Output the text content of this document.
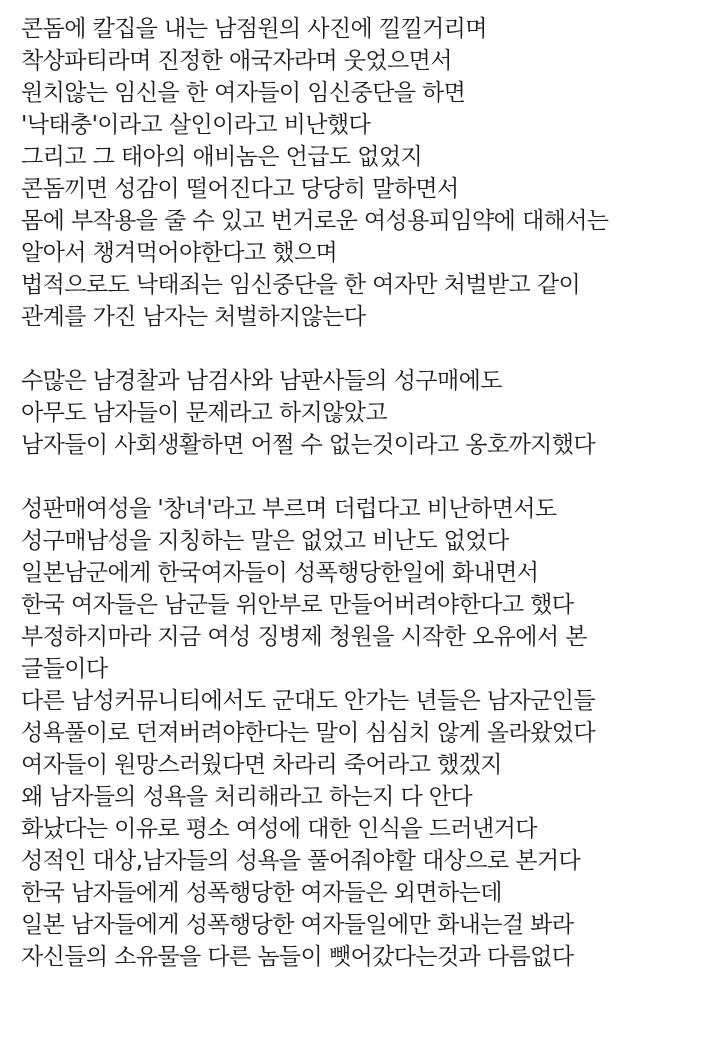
콘돔에 칼집을 내는 남점원의 사진에 낄낄거리며
착상파티라며 진정한 애국자라며 웃었으면서
원치않는 임신을 한 여자들이 임신중단을 하면
'낙태충'이라고 살인이라고 비난했다
그리고 그 태아의 애비놈은 언급도 없었지
콘돔끼면 성감이 떨어진다고 당당히 말하면서
몸에 부작용을 줄 수 있고 번거로운 여성용피임약에 대해서는
알아서 챙겨먹어야한다고 했으며
법적으로도 낙태죄는 임신중단을 한 여자만 처벌받고 같이
관계를 가진 남자는 처벌하지않는다
수많은 남경찰과 남검사와 남판사들의 성구매에도
아무도 남자들이 문제라고 하지않았고
남자들이 사회생활하면 어쩔 수 없는것이라고 옹호까지했다
성판매여성을 '창녀'라고 부르며 더럽다고 비난하면서도
성구매남성을 지칭하는 말은 없었고 비난도 없었다
일본남군에게 한국여자들이 성폭행당한일에 화내면서
한국 여자들은 남군들 위안부로 만들어버려야한다고 했다
부정하지마라 지금 여성 징병제 청원을 시작한 오유에서 본
글들이다
다른 남성커뮤니티에서도 군대도 안가는 년들은 남자군인들
성욕풀이로 던져버려야한다는 말이 심심치 않게 올라왔었다
여자들이 원망스러웠다면 차라리 죽어라고 했겠지
왜 남자들의 성욕을 처리해라고 하는지 다 안다
화났다는 이유로 평소 여성에 대한 인식을 드러낸거다
성적인 대상,남자들의 성욕을 풀어줘야할 대상으로 본거다
한국 남자들에게 성폭행당한 여자들은 외면하는데
일본 남자들에게 성폭행당한 여자들일에만 화내는걸 봐라
자신들의 소유물을 다른 놈들이 뺏어갔다는것과 다름없다
